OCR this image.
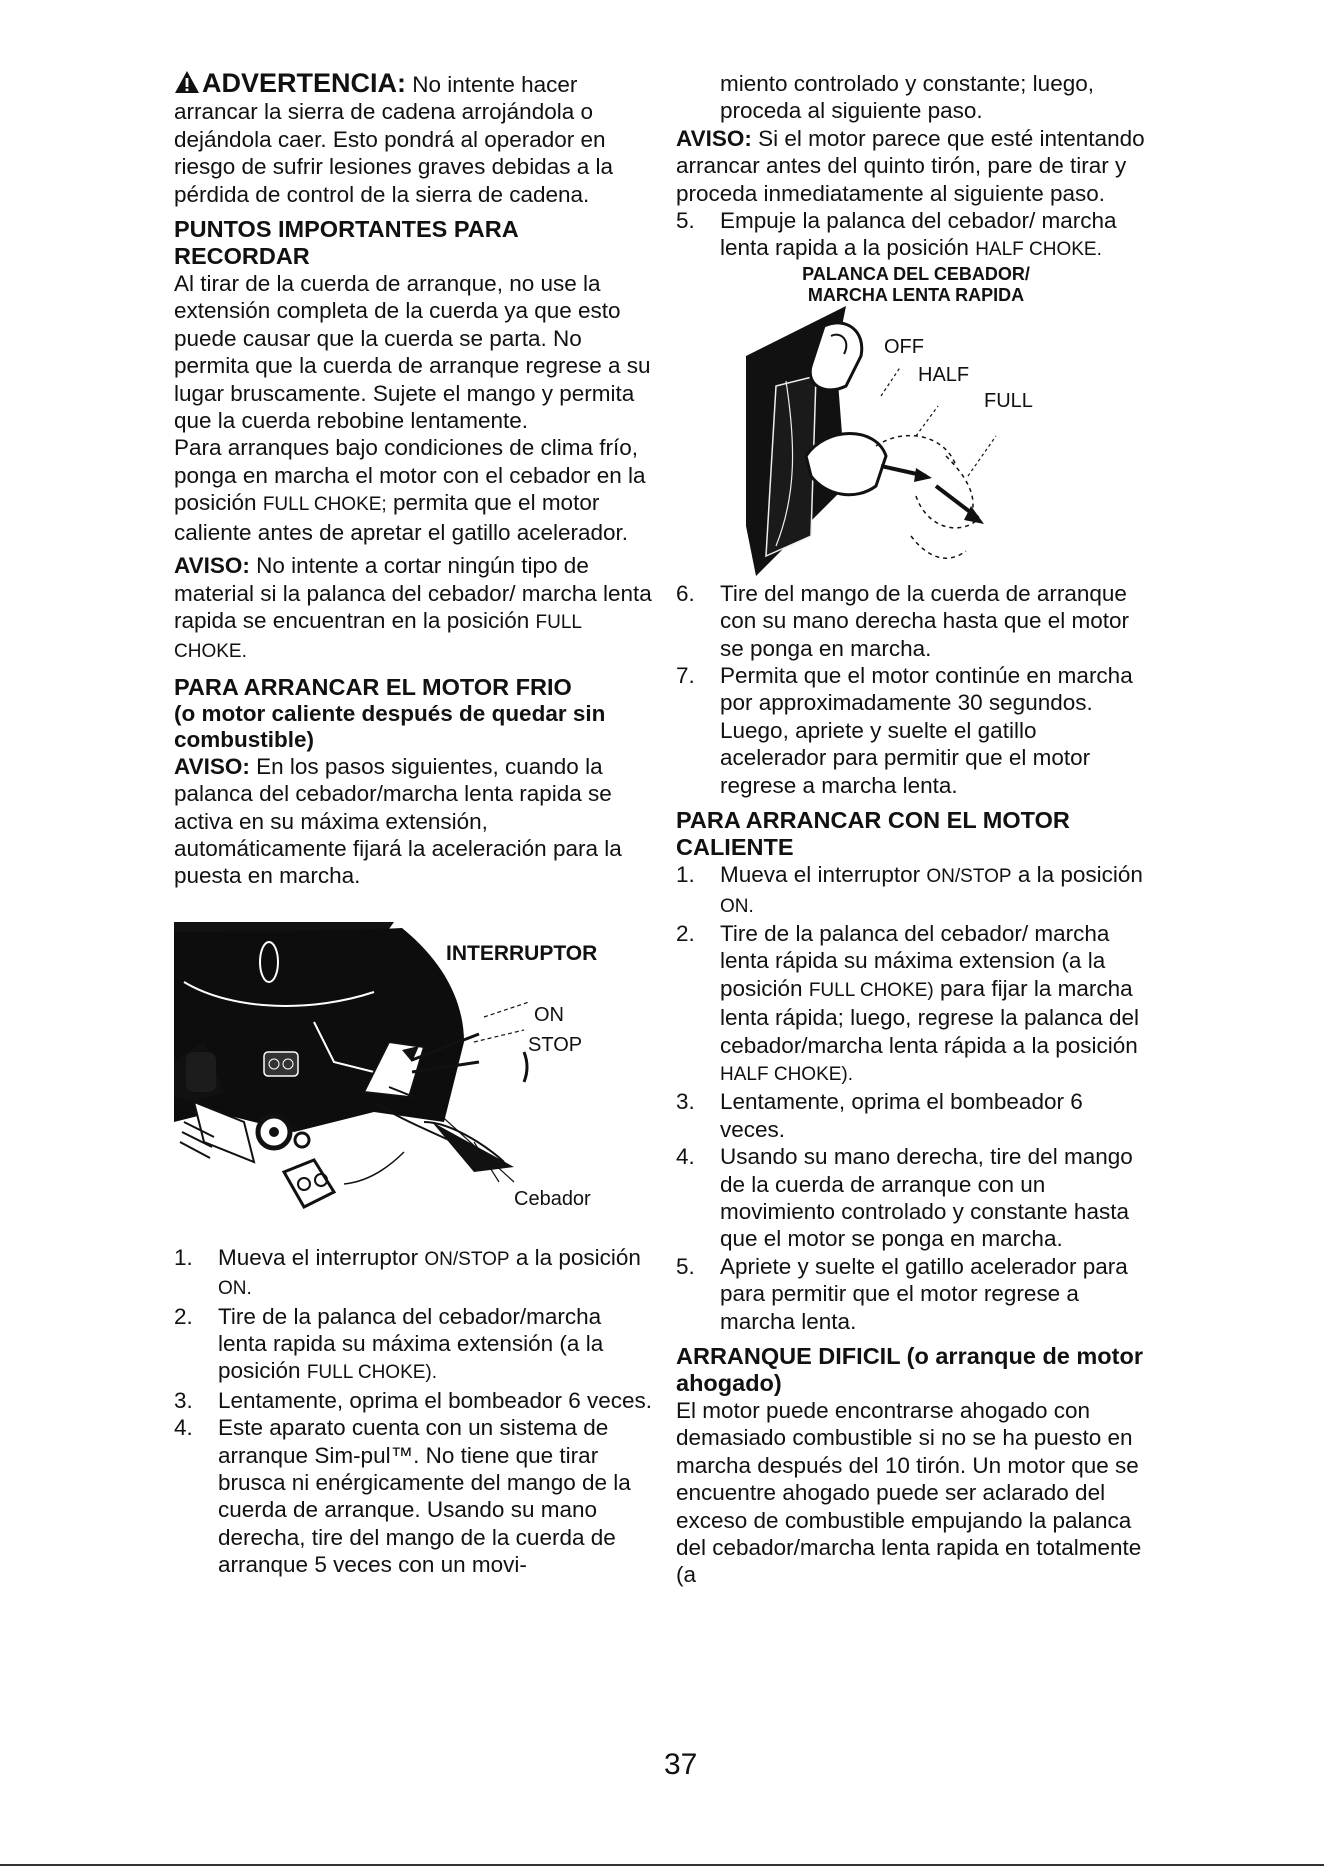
ADVERTENCIA: No intente hacer arrancar la sierra de cadena arrojándola o dejándola caer. Esto pondrá al operador en riesgo de sufrir lesiones graves debidas a la pérdida de control de la sierra de cadena.

PUNTOS IMPORTANTES PARA RECORDAR

Al tirar de la cuerda de arranque, no use la extensión completa de la cuerda ya que esto puede causar que la cuerda se parta. No permita que la cuerda de arranque regrese a su lugar bruscamente. Sujete el mango y permita que la cuerda rebobine lentamente.

Para arranques bajo condiciones de clima frío, ponga en marcha el motor con el cebador en la posición FULL CHOKE; permita que el motor caliente antes de apretar el gatillo acelerador.

AVISO: No intente a cortar ningún tipo de material si la palanca del cebador/ marcha lenta rapida se encuentran en la posición FULL CHOKE.

PARA ARRANCAR EL MOTOR FRIO

(o motor caliente después de quedar sin combustible)

AVISO: En los pasos siguientes, cuando la palanca del cebador/marcha lenta rapida se activa en su máxima extensión, automáticamente fijará la aceleración para la puesta en marcha.

INTERRUPTOR
ON
STOP
Cebador
1. Mueva el interruptor ON/STOP a la posición ON.
2. Tire de la palanca del cebador/marcha lenta rapida su máxima extensión (a la posición FULL CHOKE).
3. Lentamente, oprima el bombeador 6 veces.
4. Este aparato cuenta con un sistema de arranque Sim-pul™. No tiene que tirar brusca ni enérgicamente del mango de la cuerda de arranque. Usando su mano derecha, tire del mango de la cuerda de arranque 5 veces con un movi-

miento controlado y constante; luego, proceda al siguiente paso.

AVISO: Si el motor parece que esté intentando arrancar antes del quinto tirón, pare de tirar y proceda inmediatamente al siguiente paso.

5. Empuje la palanca del cebador/ marcha lenta rapida a la posición HALF CHOKE.

PALANCA DEL CEBADOR/ MARCHA LENTA RAPIDA

OFF
HALF
FULL
6. Tire del mango de la cuerda de arranque con su mano derecha hasta que el motor se ponga en marcha.
7. Permita que el motor continúe en marcha por approximadamente 30 segundos. Luego, apriete y suelte el gatillo acelerador para permitir que el motor regrese a marcha lenta.

PARA ARRANCAR CON EL MOTOR CALIENTE

1. Mueva el interruptor ON/STOP a la posición ON.
2. Tire de la palanca del cebador/ marcha lenta rápida su máxima extension (a la posición FULL CHOKE) para fijar la marcha lenta rápida; luego, regrese la palanca del cebador/marcha lenta rápida a la posición HALF CHOKE).
3. Lentamente, oprima el bombeador 6 veces.
4. Usando su mano derecha, tire del mango de la cuerda de arranque con un movimiento controlado y constante hasta que el motor se ponga en marcha.
5. Apriete y suelte el gatillo acelerador para para permitir que el motor regrese a marcha lenta.

ARRANQUE DIFICIL (o arranque de motor ahogado)

El motor puede encontrarse ahogado con demasiado combustible si no se ha puesto en marcha después del 10 tirón. Un motor que se encuentre ahogado puede ser aclarado del exceso de combustible empujando la palanca del cebador/marcha lenta rapida en totalmente (a

37
